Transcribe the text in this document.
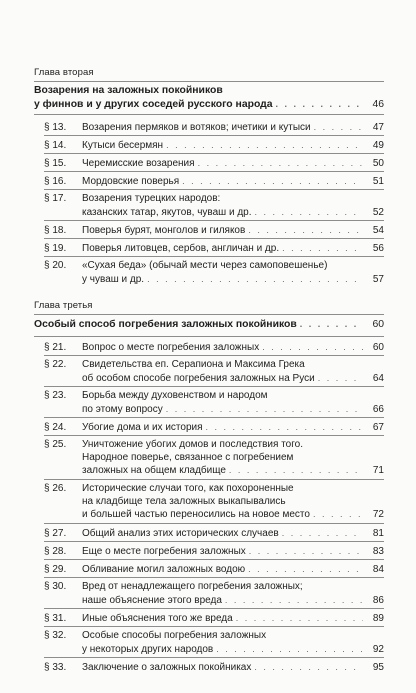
Глава вторая
Возарения на заложных покойников
у финнов и у других соседей русского народа . . .	46
§ 13.	Возарения пермяков и вотяков; ичетики и кутыси . . .	47
§ 14.	Кутыси бесермян . . .	49
§ 15.	Черемисские возарения . . .	50
§ 16.	Мордовские поверья . . .	51
§ 17.	Возарения турецких народов:
казанских татар, якутов, чуваш и др. . . .	52
§ 18.	Поверья бурят, монголов и гиляков . . .	54
§ 19.	Поверья литовцев, сербов, англичан и др. . . .	56
§ 20.	«Сухая беда» (обычай мести через самоповешенье)
у чуваш и др. . . .	57
Глава третья
Особый способ погребения заложных покойников . . .	60
§ 21.	Вопрос о месте погребения заложных . . .	60
§ 22.	Свидетельства еп. Серапиона и Максима Грека
об особом способе погребения заложных на Руси . . .	64
§ 23.	Борьба между духовенством и народом
по этому вопросу . . .	66
§ 24.	Убогие дома и их история . . .	67
§ 25.	Уничтожение убогих домов и последствия того.
Народное поверье, связанное с погребением
заложных на общем кладбище . . .	71
§ 26.	Исторические случаи того, как похороненные
на кладбище тела заложных выкапывались
и большей частью переносились на новое место . . .	72
§ 27.	Общий анализ этих исторических случаев . . .	81
§ 28.	Еще о месте погребения заложных . . .	83
§ 29.	Обливание могил заложных водою . . .	84
§ 30.	Вред от ненадлежащего погребения заложных;
наше объяснение этого вреда . . .	86
§ 31.	Иные объяснения того же вреда . . .	89
§ 32.	Особые способы погребения заложных
у некоторых других народов . . .	92
§ 33.	Заключение о заложных покойниках . . .	95
